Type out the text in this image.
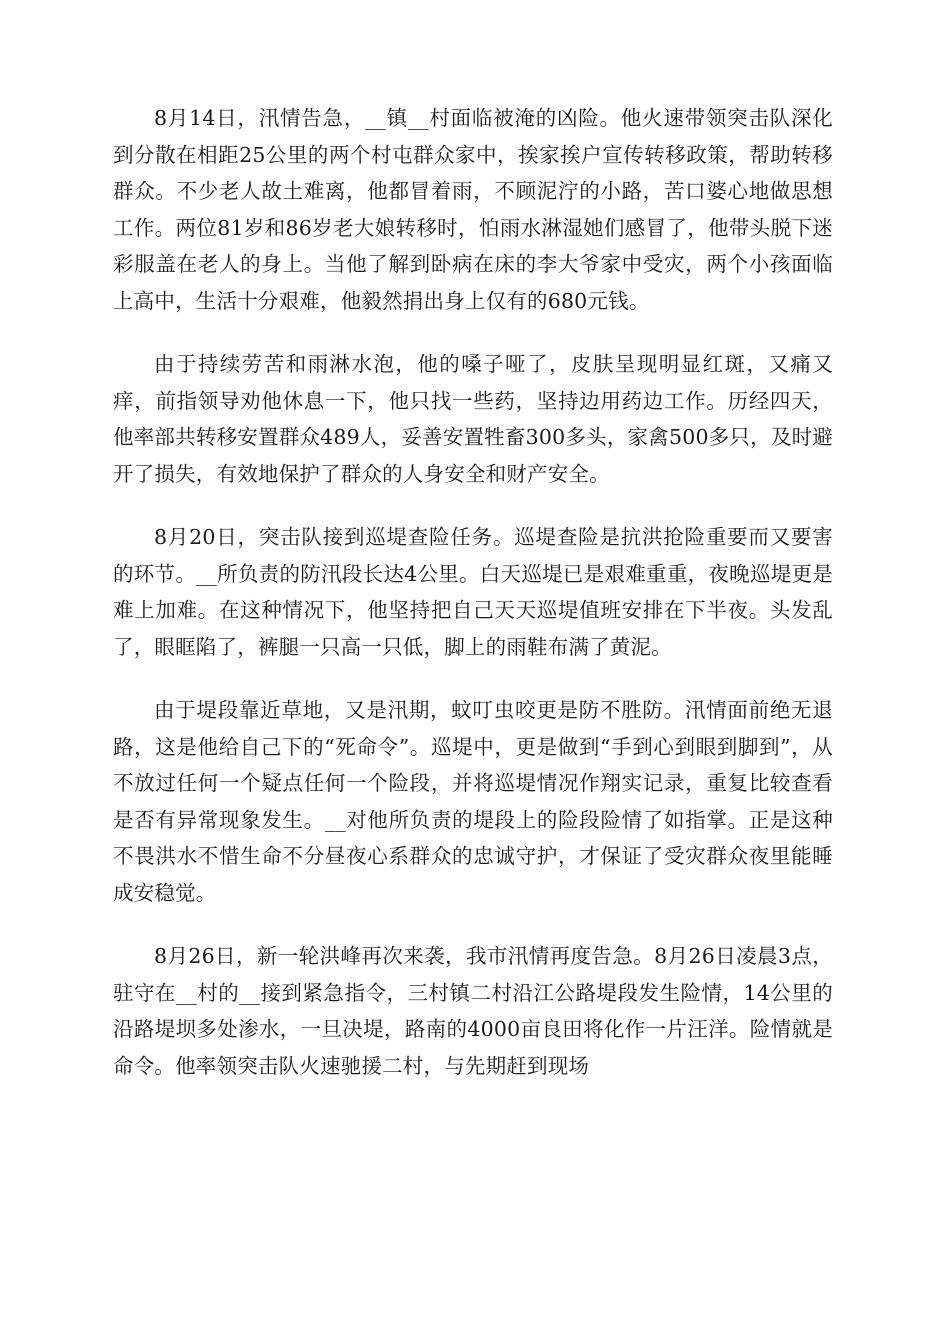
8月14日，汛情告急，__镇__村面临被淹的凶险。他火速带领突击队深化到分散在相距25公里的两个村屯群众家中，挨家挨户宣传转移政策，帮助转移群众。不少老人故土难离，他都冒着雨，不顾泥泞的小路，苦口婆心地做思想工作。两位81岁和86岁老大娘转移时，怕雨水淋湿她们感冒了，他带头脱下迷彩服盖在老人的身上。当他了解到卧病在床的李大爷家中受灾，两个小孩面临上高中，生活十分艰难，他毅然捐出身上仅有的680元钱。

由于持续劳苦和雨淋水泡，他的嗓子哑了，皮肤呈现明显红斑，又痛又痒，前指领导劝他休息一下，他只找一些药，坚持边用药边工作。历经四天，他率部共转移安置群众489人，妥善安置牲畜300多头，家禽500多只，及时避开了损失，有效地保护了群众的人身安全和财产安全。

8月20日，突击队接到巡堤查险任务。巡堤查险是抗洪抢险重要而又要害的环节。__所负责的防汛段长达4公里。白天巡堤已是艰难重重，夜晚巡堤更是难上加难。在这种情况下，他坚持把自己天天巡堤值班安排在下半夜。头发乱了，眼眶陷了，裤腿一只高一只低，脚上的雨鞋布满了黄泥。

由于堤段靠近草地，又是汛期，蚊叮虫咬更是防不胜防。汛情面前绝无退路，这是他给自己下的“死命令”。巡堤中，更是做到“手到心到眼到脚到”，从不放过任何一个疑点任何一个险段，并将巡堤情况作翔实记录，重复比较查看是否有异常现象发生。__对他所负责的堤段上的险段险情了如指掌。正是这种不畏洪水不惜生命不分昼夜心系群众的忠诚守护，才保证了受灾群众夜里能睡成安稳觉。

8月26日，新一轮洪峰再次来袭，我市汛情再度告急。8月26日凌晨3点，驻守在__村的__接到紧急指令，三村镇二村沿江公路堤段发生险情，14公里的沿路堤坝多处渗水，一旦决堤，路南的4000亩良田将化作一片汪洋。险情就是命令。他率领突击队火速驰援二村，与先期赶到现场
